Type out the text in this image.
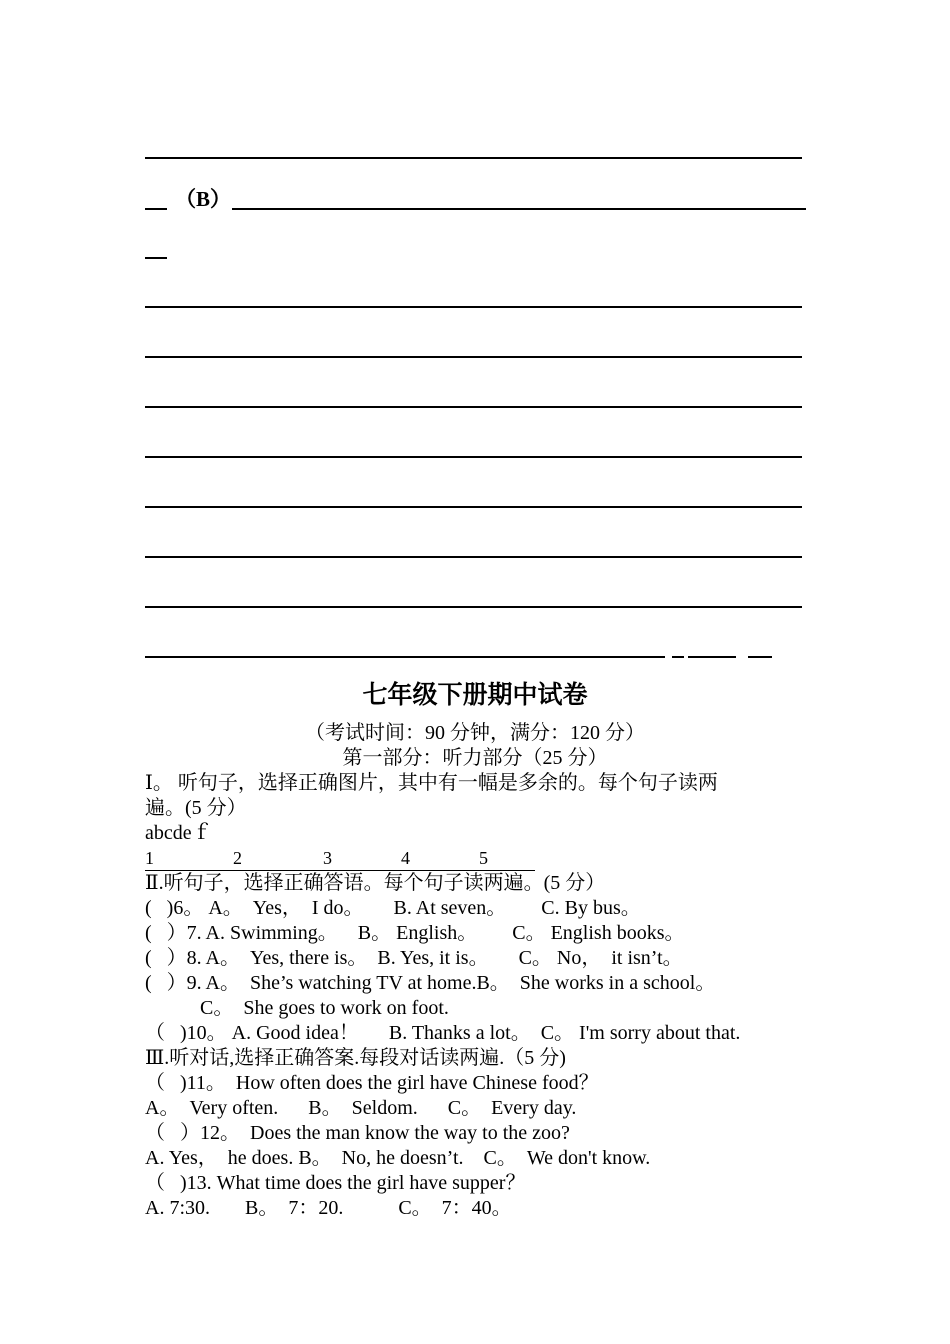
（B）
七年级下册期中试卷
（考试时间：90 分钟，满分：120 分）
第一部分：听力部分（25 分）
Ⅰ。 听句子，选择正确图片，其中有一幅是多余的。每个句子读两
遍。(5 分）
abcdeｆ
1	2	3	4	5
Ⅱ.听句子，选择正确答语。每个句子读两遍。(5 分）
(   )6。 A。  Yes，  I do。      B. At seven。       C. By bus。
(   ）7. A. Swimming。    B。 English。       C。 English books。
(   ）8. A。  Yes, there is。  B. Yes, it is。      C。 No，  it isn’t。
(   ）9. A。  She’s watching TV at home.B。  She works in a school。
C。  She goes to work on foot.
（   )10。 A. Good idea！      B. Thanks a lot。  C。 I'm sorry about that.
Ⅲ.听对话,选择正确答案.每段对话读两遍.（5 分)
（   )11。  How often does the girl have Chinese food？
A。  Very often.      B。  Seldom.      C。  Every day.
（   ）12。  Does the man know the way to the zoo?
A. Yes，  he does. B。  No, he doesn’t.    C。  We don't know.
（   )13. What time does the girl have supper？
A. 7:30.       B。  7：20.           C。  7：40。
